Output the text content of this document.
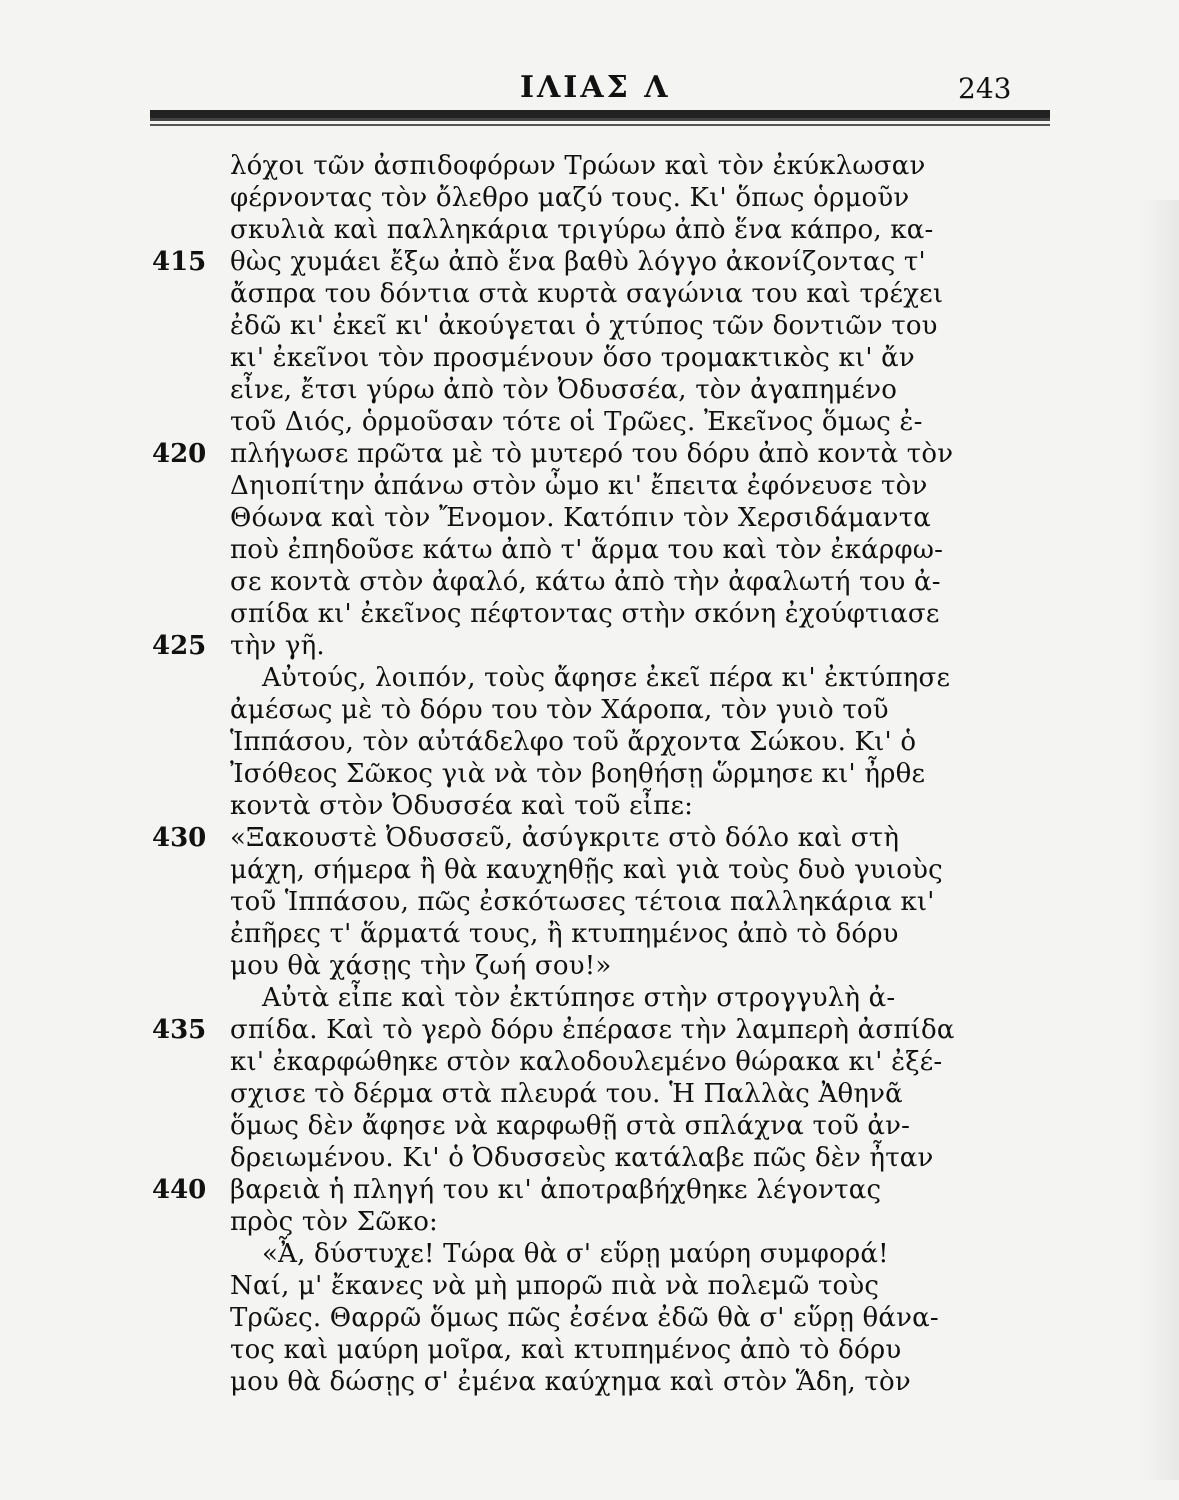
ΙΛΙΑΣ Λ	243
λόχοι τῶν ἀσπιδοφόρων Τρώων καὶ τὸν ἐκύκλωσαν
φέρνοντας τὸν ὄλεθρο μαζύ τους. Κι' ὅπως ὁρμοῦν
σκυλιὰ καὶ παλληκάρια τριγύρω ἀπὸ ἕνα κάπρο, κα-
415 θὼς χυμάει ἔξω ἀπὸ ἕνα βαθὺ λόγγο ἀκονίζοντας τ'
ἄσπρα του δόντια στὰ κυρτὰ σαγώνια του καὶ τρέχει
ἐδῶ κι' ἐκεῖ κι' ἀκούγεται ὁ χτύπος τῶν δοντιῶν του
κι' ἐκεῖνοι τὸν προσμένουν ὅσο τρομακτικὸς κι' ἄν
εἶνε, ἔτσι γύρω ἀπὸ τὸν Ὀδυσσέα, τὸν ἀγαπημένο
τοῦ Διός, ὁρμοῦσαν τότε οἱ Τρῶες. Ἐκεῖνος ὅμως ἐ-
420 πλήγωσε πρῶτα μὲ τὸ μυτερό του δόρυ ἀπὸ κοντὰ τὸν
Δηιοπίτην ἀπάνω στὸν ὦμο κι' ἔπειτα ἐφόνευσε τὸν
Θόωνα καὶ τὸν Ἔνομον. Κατόπιν τὸν Χερσιδάμαντα
ποὺ ἐπηδοῦσε κάτω ἀπὸ τ' ἅρμα του καὶ τὸν ἐκάρφω-
σε κοντὰ στὸν ἀφαλό, κάτω ἀπὸ τὴν ἀφαλωτή του ἀ-
σπίδα κι' ἐκεῖνος πέφτοντας στὴν σκόνη ἐχούφτιασε
425 τὴν γῆ.
Αὐτούς, λοιπόν, τοὺς ἄφησε ἐκεῖ πέρα κι' ἐκτύπησε
ἀμέσως μὲ τὸ δόρυ του τὸν Χάροπα, τὸν γυιὸ τοῦ
Ἱππάσου, τὸν αὐτάδελφο τοῦ ἄρχοντα Σώκου. Κι' ὁ
Ἰσόθεος Σῶκος γιὰ νὰ τὸν βοηθήσῃ ὥρμησε κι' ἦρθε
κοντὰ στὸν Ὀδυσσέα καὶ τοῦ εἶπε:
430 «Ξακουστὲ Ὀδυσσεῦ, ἀσύγκριτε στὸ δόλο καὶ στὴ
μάχη, σήμερα ἢ θὰ καυχηθῇς καὶ γιὰ τοὺς δυὸ γυιοὺς
τοῦ Ἱππάσου, πῶς ἐσκότωσες τέτοια παλληκάρια κι'
ἐπῆρες τ' ἅρματά τους, ἢ κτυπημένος ἀπὸ τὸ δόρυ
μου θὰ χάσῃς τὴν ζωή σου!»
Αὐτὰ εἶπε καὶ τὸν ἐκτύπησε στὴν στρογγυλὴ ἀ-
435 σπίδα. Καὶ τὸ γερὸ δόρυ ἐπέρασε τὴν λαμπερὴ ἀσπίδα
κι' ἐκαρφώθηκε στὸν καλοδουλεμένο θώρακα κι' ἐξέ-
σχισε τὸ δέρμα στὰ πλευρά του. Ἡ Παλλὰς Ἀθηνᾶ
ὅμως δὲν ἄφησε νὰ καρφωθῇ στὰ σπλάχνα τοῦ ἀν-
δρειωμένου. Κι' ὁ Ὀδυσσεὺς κατάλαβε πῶς δὲν ἦταν
440 βαρειὰ ἡ πληγή του κι' ἀποτραβήχθηκε λέγοντας
πρὸς τὸν Σῶκο:
«Ἆ, δύστυχε! Τώρα θὰ σ' εὕρῃ μαύρη συμφορά!
Ναί, μ' ἔκανες νὰ μὴ μπορῶ πιὰ νὰ πολεμῶ τοὺς
Τρῶες. Θαρρῶ ὅμως πῶς ἐσένα ἐδῶ θὰ σ' εὕρῃ θάνα-
τος καὶ μαύρη μοῖρα, καὶ κτυπημένος ἀπὸ τὸ δόρυ
μου θὰ δώσῃς σ' ἐμένα καύχημα καὶ στὸν Ἅδη, τὸν
